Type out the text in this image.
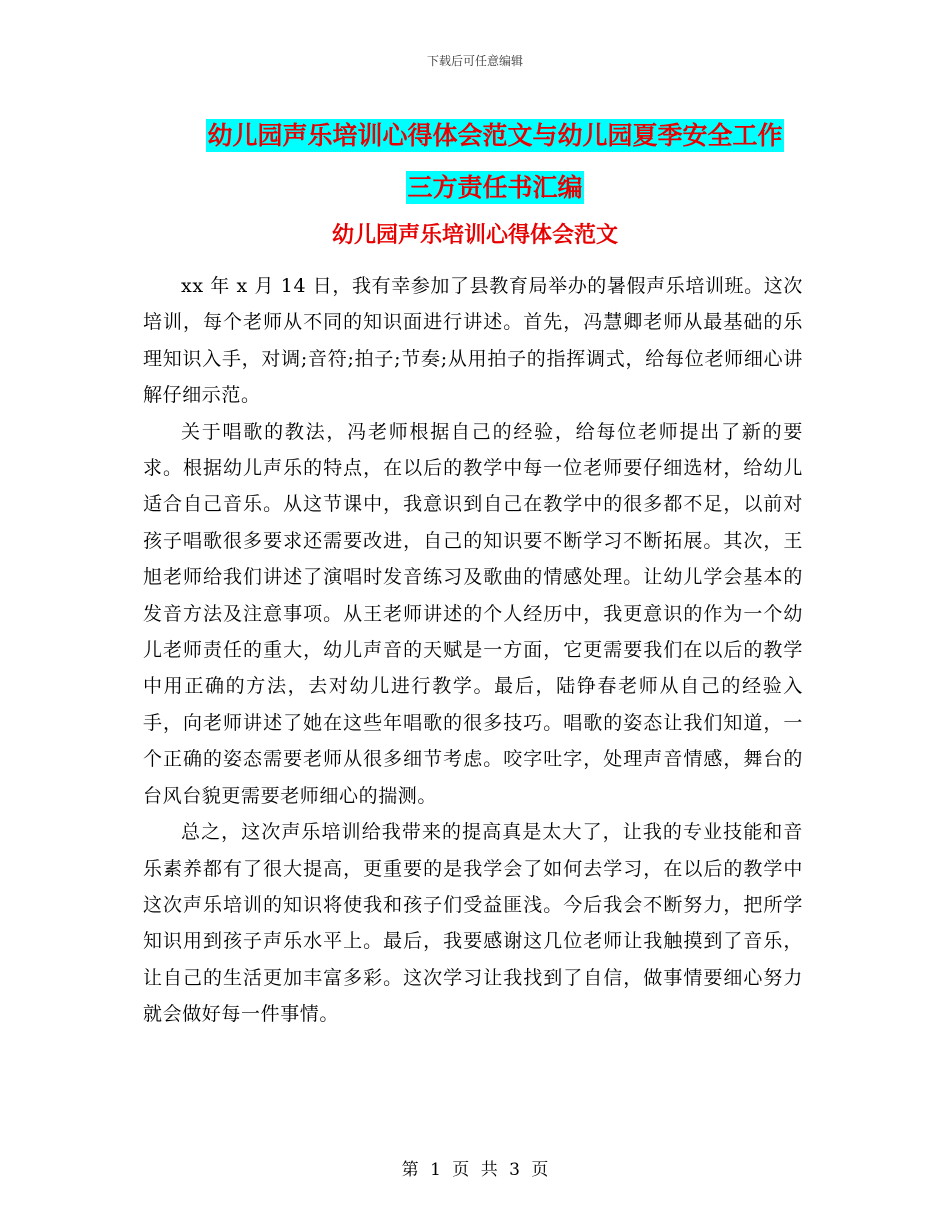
下载后可任意编辑
幼儿园声乐培训心得体会范文与幼儿园夏季安全工作
三方责任书汇编
幼儿园声乐培训心得体会范文

xx 年 x 月 14 日，我有幸参加了县教育局举办的暑假声乐培训班。这次培训，每个老师从不同的知识面进行讲述。首先，冯慧卿老师从最基础的乐理知识入手，对调;音符;拍子;节奏;从用拍子的指挥调式，给每位老师细心讲解仔细示范。

关于唱歌的教法，冯老师根据自己的经验，给每位老师提出了新的要求。根据幼儿声乐的特点，在以后的教学中每一位老师要仔细选材，给幼儿适合自己音乐。从这节课中，我意识到自己在教学中的很多都不足，以前对孩子唱歌很多要求还需要改进，自己的知识要不断学习不断拓展。其次，王旭老师给我们讲述了演唱时发音练习及歌曲的情感处理。让幼儿学会基本的发音方法及注意事项。从王老师讲述的个人经历中，我更意识的作为一个幼儿老师责任的重大，幼儿声音的天赋是一方面，它更需要我们在以后的教学中用正确的方法，去对幼儿进行教学。最后，陆铮春老师从自己的经验入手，向老师讲述了她在这些年唱歌的很多技巧。唱歌的姿态让我们知道，一个正确的姿态需要老师从很多细节考虑。咬字吐字，处理声音情感，舞台的台风台貌更需要老师细心的揣测。

总之，这次声乐培训给我带来的提高真是太大了，让我的专业技能和音乐素养都有了很大提高，更重要的是我学会了如何去学习，在以后的教学中这次声乐培训的知识将使我和孩子们受益匪浅。今后我会不断努力，把所学知识用到孩子声乐水平上。最后，我要感谢这几位老师让我触摸到了音乐，让自己的生活更加丰富多彩。这次学习让我找到了自信，做事情要细心努力就会做好每一件事情。

第 1 页 共 3 页
